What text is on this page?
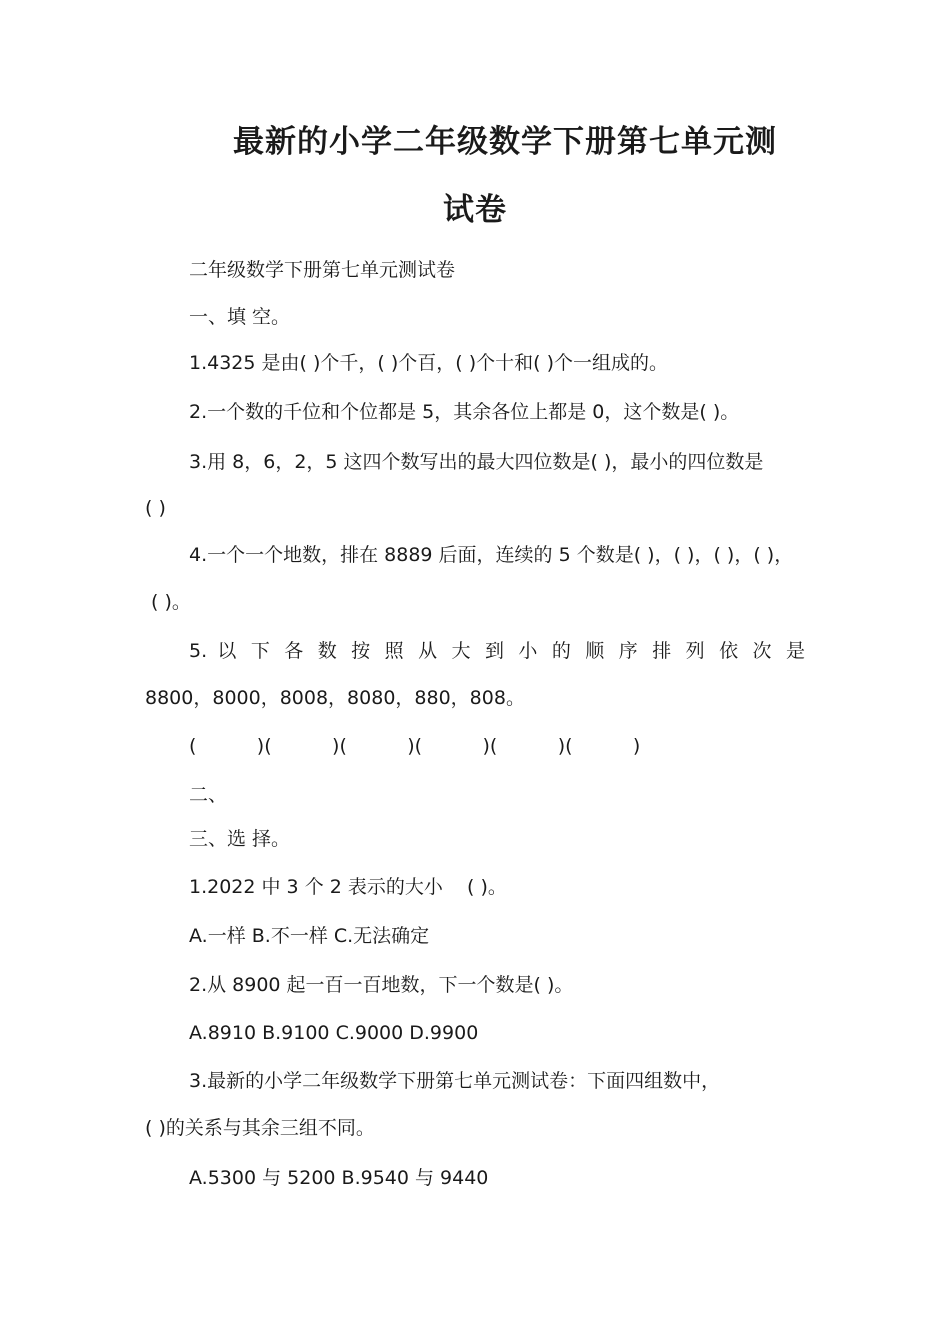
最新的小学二年级数学下册第七单元测
试卷
二年级数学下册第七单元测试卷
一、填 空。
1.4325 是由( )个千，( )个百，( )个十和( )个一组成的。
2.一个数的千位和个位都是 5，其余各位上都是 0，这个数是( )。
3.用 8，6，2，5 这四个数写出的最大四位数是( )，最小的四位数是
( )
4.一个一个地数，排在 8889 后面，连续的 5 个数是( )，( )，( )，( )，
( )。
5. 以 下 各 数 按 照 从 大 到 小 的 顺 序 排 列 依 次 是
8800，8000，8008，8080，880，808。
(          )(          )(          )(          )(          )(          )
二、
三、选 择。
1.2022 中 3 个 2 表示的大小    ( )。
A.一样 B.不一样 C.无法确定
2.从 8900 起一百一百地数，下一个数是( )。
A.8910 B.9100 C.9000 D.9900
3.最新的小学二年级数学下册第七单元测试卷：下面四组数中，
( )的关系与其余三组不同。
A.5300 与 5200 B.9540 与 9440
